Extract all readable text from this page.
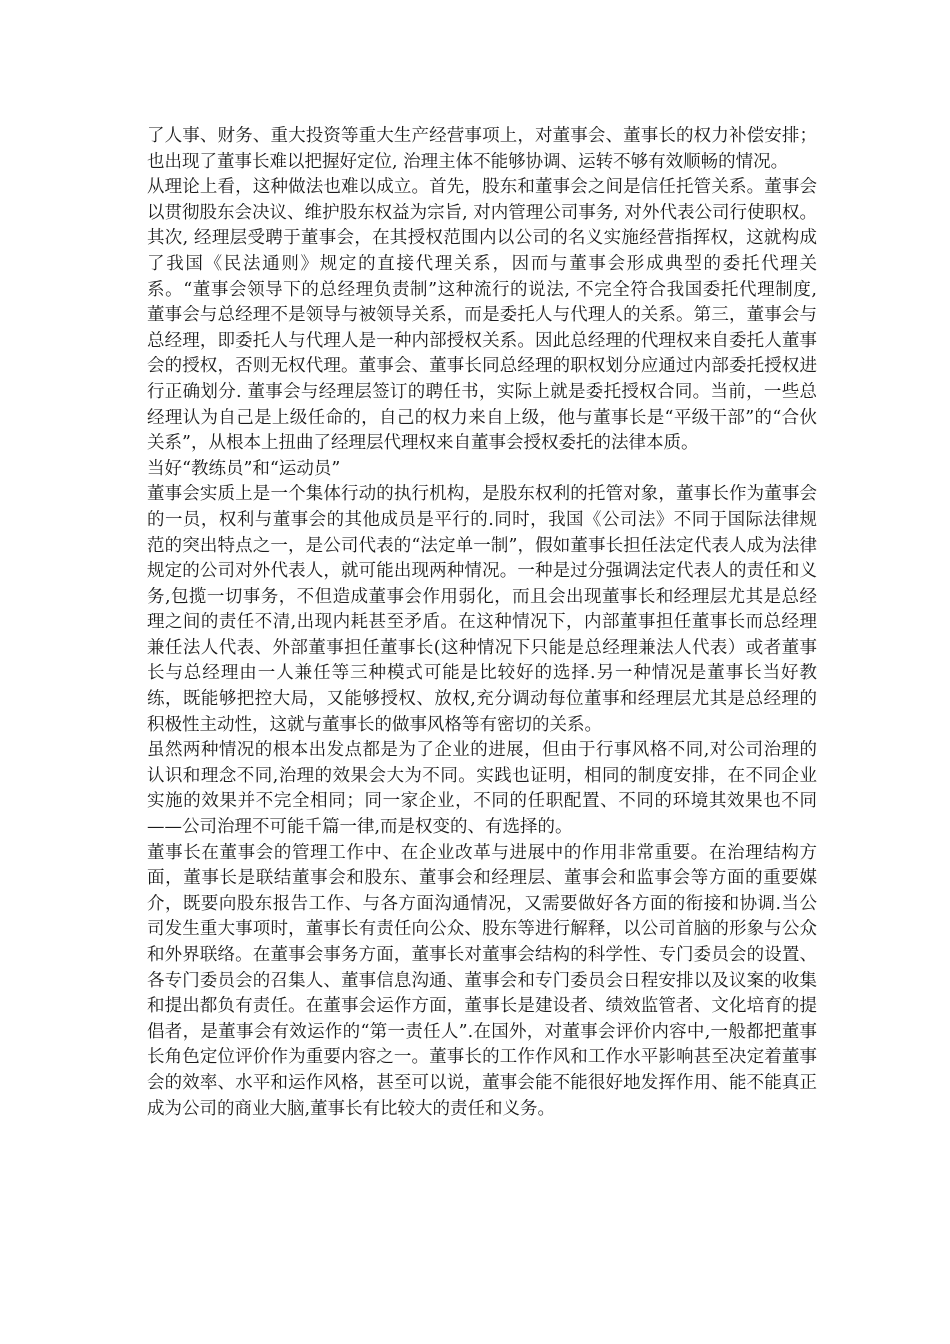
了人事、财务、重大投资等重大生产经营事项上，对董事会、董事长的权力补偿安排；也出现了董事长难以把握好定位, 治理主体不能够协调、运转不够有效顺畅的情况。

从理论上看，这种做法也难以成立。首先，股东和董事会之间是信任托管关系。董事会以贯彻股东会决议、维护股东权益为宗旨, 对内管理公司事务, 对外代表公司行使职权。其次, 经理层受聘于董事会，在其授权范围内以公司的名义实施经营指挥权，这就构成了我国《民法通则》规定的直接代理关系，因而与董事会形成典型的委托代理关系。“董事会领导下的总经理负责制”这种流行的说法, 不完全符合我国委托代理制度, 董事会与总经理不是领导与被领导关系，而是委托人与代理人的关系。第三，董事会与总经理，即委托人与代理人是一种内部授权关系。因此总经理的代理权来自委托人董事会的授权，否则无权代理。董事会、董事长同总经理的职权划分应通过内部委托授权进行正确划分. 董事会与经理层签订的聘任书，实际上就是委托授权合同。当前，一些总经理认为自己是上级任命的，自己的权力来自上级，他与董事长是“平级干部”的“合伙关系”，从根本上扭曲了经理层代理权来自董事会授权委托的法律本质。

当好“教练员”和“运动员”

董事会实质上是一个集体行动的执行机构，是股东权利的托管对象，董事长作为董事会的一员，权利与董事会的其他成员是平行的.同时，我国《公司法》不同于国际法律规范的突出特点之一，是公司代表的“法定单一制”，假如董事长担任法定代表人成为法律规定的公司对外代表人，就可能出现两种情况。一种是过分强调法定代表人的责任和义务,包揽一切事务，不但造成董事会作用弱化，而且会出现董事长和经理层尤其是总经理之间的责任不清,出现内耗甚至矛盾。在这种情况下，内部董事担任董事长而总经理兼任法人代表、外部董事担任董事长(这种情况下只能是总经理兼法人代表）或者董事长与总经理由一人兼任等三种模式可能是比较好的选择.另一种情况是董事长当好教练，既能够把控大局，又能够授权、放权,充分调动每位董事和经理层尤其是总经理的积极性主动性，这就与董事长的做事风格等有密切的关系。

虽然两种情况的根本出发点都是为了企业的进展，但由于行事风格不同,对公司治理的认识和理念不同,治理的效果会大为不同。实践也证明，相同的制度安排，在不同企业实施的效果并不完全相同；同一家企业，不同的任职配置、不同的环境其效果也不同——公司治理不可能千篇一律,而是权变的、有选择的。

董事长在董事会的管理工作中、在企业改革与进展中的作用非常重要。在治理结构方面，董事长是联结董事会和股东、董事会和经理层、董事会和监事会等方面的重要媒介，既要向股东报告工作、与各方面沟通情况，又需要做好各方面的衔接和协调.当公司发生重大事项时，董事长有责任向公众、股东等进行解释，以公司首脑的形象与公众和外界联络。在董事会事务方面，董事长对董事会结构的科学性、专门委员会的设置、各专门委员会的召集人、董事信息沟通、董事会和专门委员会日程安排以及议案的收集和提出都负有责任。在董事会运作方面，董事长是建设者、绩效监管者、文化培育的提倡者，是董事会有效运作的“第一责任人”.在国外，对董事会评价内容中,一般都把董事长角色定位评价作为重要内容之一。董事长的工作作风和工作水平影响甚至决定着董事会的效率、水平和运作风格，甚至可以说，董事会能不能很好地发挥作用、能不能真正成为公司的商业大脑,董事长有比较大的责任和义务。
